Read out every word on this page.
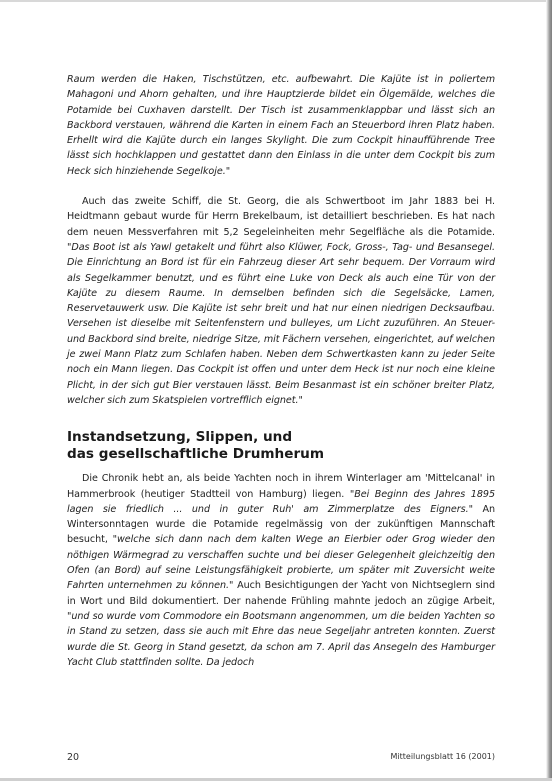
Raum werden die Haken, Tischstützen, etc. aufbewahrt. Die Kajüte ist in poliertem Mahagoni und Ahorn gehalten, und ihre Hauptzierde bildet ein Ölgemälde, welches die Potamide bei Cuxhaven darstellt. Der Tisch ist zusammenklappbar und lässt sich an Backbord verstauen, während die Karten in einem Fach an Steuerbord ihren Platz haben. Erhellt wird die Kajüte durch ein langes Skylight. Die zum Cockpit hinaufführende Tree lässt sich hochklappen und gestattet dann den Einlass in die unter dem Cockpit bis zum Heck sich hinziehende Segelkoje."

Auch das zweite Schiff, die St. Georg, die als Schwertboot im Jahr 1883 bei H. Heidtmann gebaut wurde für Herrn Brekelbaum, ist detailliert beschrieben. Es hat nach dem neuen Messverfahren mit 5,2 Segeleinheiten mehr Segelfläche als die Potamide. "Das Boot ist als Yawl getakelt und führt also Klüwer, Fock, Gross-, Tag- und Besansegel. Die Einrichtung an Bord ist für ein Fahrzeug dieser Art sehr bequem. Der Vorraum wird als Segelkammer benutzt, und es führt eine Luke von Deck als auch eine Tür von der Kajüte zu diesem Raume. In demselben befinden sich die Segelsäcke, Lamen, Reservetauwerk usw. Die Kajüte ist sehr breit und hat nur einen niedrigen Decksaufbau. Versehen ist dieselbe mit Seitenfenstern und bulleyes, um Licht zuzuführen. An Steuer- und Backbord sind breite, niedrige Sitze, mit Fächern versehen, eingerichtet, auf welchen je zwei Mann Platz zum Schlafen haben. Neben dem Schwertkasten kann zu jeder Seite noch ein Mann liegen. Das Cockpit ist offen und unter dem Heck ist nur noch eine kleine Plicht, in der sich gut Bier verstauen lässt. Beim Besanmast ist ein schöner breiter Platz, welcher sich zum Skatspielen vortrefflich eignet."

Instandsetzung, Slippen, und
das gesellschaftliche Drumherum

Die Chronik hebt an, als beide Yachten noch in ihrem Winterlager am 'Mittelcanal' in Hammerbrook (heutiger Stadtteil von Hamburg) liegen. "Bei Beginn des Jahres 1895 lagen sie friedlich ... und in guter Ruh' am Zimmerplatze des Eigners." An Wintersonntagen wurde die Potamide regelmässig von der zukünftigen Mannschaft besucht, "welche sich dann nach dem kalten Wege an Eierbier oder Grog wieder den nöthigen Wärmegrad zu verschaffen suchte und bei dieser Gelegenheit gleichzeitig den Ofen (an Bord) auf seine Leistungsfähigkeit probierte, um später mit Zuversicht weite Fahrten unternehmen zu können." Auch Besichtigungen der Yacht von Nichtseglern sind in Wort und Bild dokumentiert. Der nahende Frühling mahnte jedoch an zügige Arbeit, "und so wurde vom Commodore ein Bootsmann angenommen, um die beiden Yachten so in Stand zu setzen, dass sie auch mit Ehre das neue Segeljahr antreten konnten. Zuerst wurde die St. Georg in Stand gesetzt, da schon am 7. April das Ansegeln des Hamburger Yacht Club stattfinden sollte. Da jedoch

20	Mitteilungsblatt 16 (2001)
